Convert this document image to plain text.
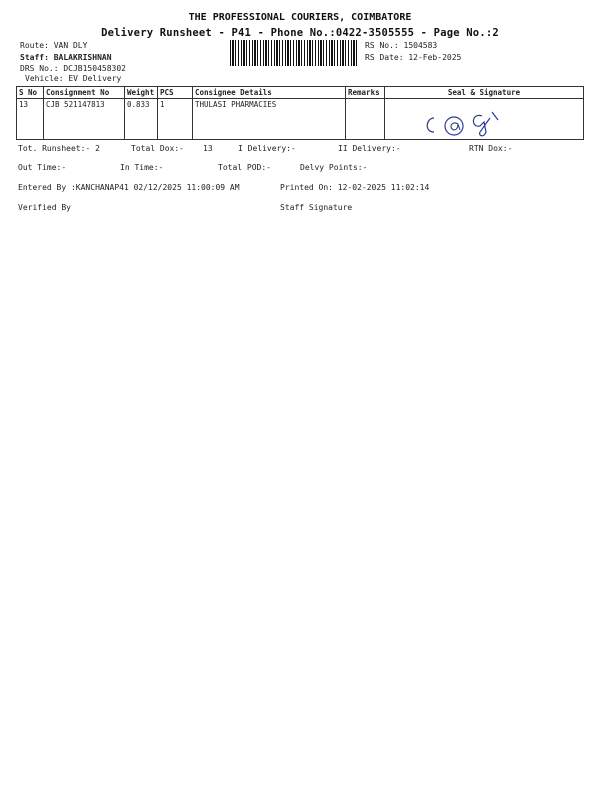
THE PROFESSIONAL COURIERS, COIMBATORE
Delivery Runsheet - P41 - Phone No.:0422-3505555 - Page No.:2
Route: VAN DLY
Staff: BALAKRISHNAN
DRS No.: DCJB150458302
Vehicle: EV Delivery
RS No.: 1504583
RS Date: 12-Feb-2025
S No	Consignment No	Weight	PCS	Consignee Details	Remarks	Seal & Signature
13	CJB 521147813	0.833	1	THULASI PHARMACIES		
Tot. Runsheet:- 2	Total Dox:- 13	I Delivery:-	II Delivery:-	RTN Dox:-
Out Time:-	In Time:-	Total POD:-	Delvy Points:-
Entered By :KANCHANAP41 02/12/2025 11:00:09 AM	Printed On: 12-02-2025 11:02:14
Verified By	Staff Signature
